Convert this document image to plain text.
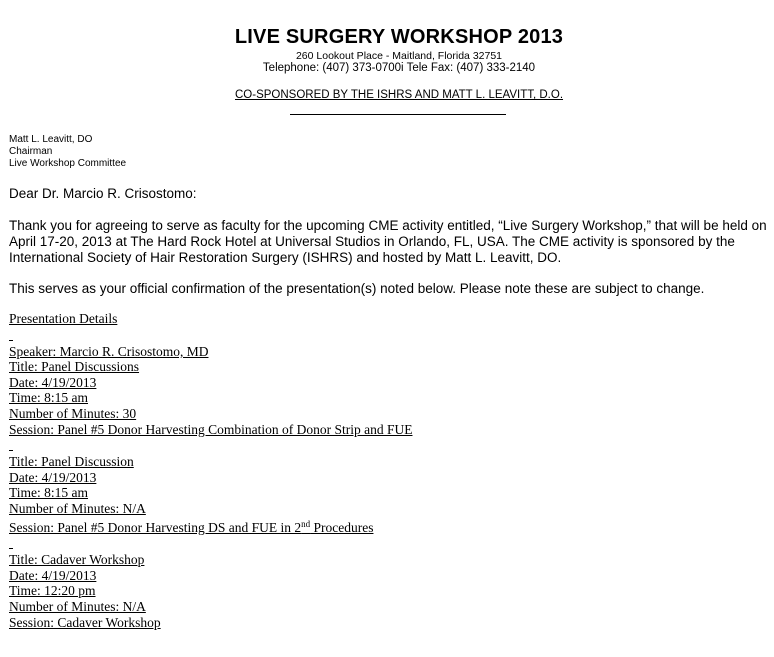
LIVE SURGERY WORKSHOP 2013
260 Lookout Place - Maitland, Florida 32751
Telephone: (407) 373-0700i Tele Fax: (407) 333-2140
CO-SPONSORED BY THE ISHRS AND MATT L. LEAVITT, D.O.
Matt L. Leavitt, DO
Chairman
Live Workshop Committee
Dear Dr. Marcio R. Crisostomo:
Thank you for agreeing to serve as faculty for the upcoming CME activity entitled, “Live Surgery Workshop,” that will be held on
April 17-20, 2013 at The Hard Rock Hotel at Universal Studios in Orlando, FL, USA. The CME activity is sponsored by the
International Society of Hair Restoration Surgery (ISHRS) and hosted by Matt L. Leavitt, DO.
This serves as your official confirmation of the presentation(s) noted below. Please note these are subject to change.
Presentation Details
Speaker: Marcio R. Crisostomo, MD
Title: Panel Discussions
Date: 4/19/2013
Time: 8:15 am
Number of Minutes: 30
Session: Panel #5 Donor Harvesting Combination of Donor Strip and FUE
Title: Panel Discussion
Date: 4/19/2013
Time: 8:15 am
Number of Minutes: N/A
Session: Panel #5 Donor Harvesting DS and FUE in 2nd Procedures
Title: Cadaver Workshop
Date: 4/19/2013
Time: 12:20 pm
Number of Minutes: N/A
Session: Cadaver Workshop
